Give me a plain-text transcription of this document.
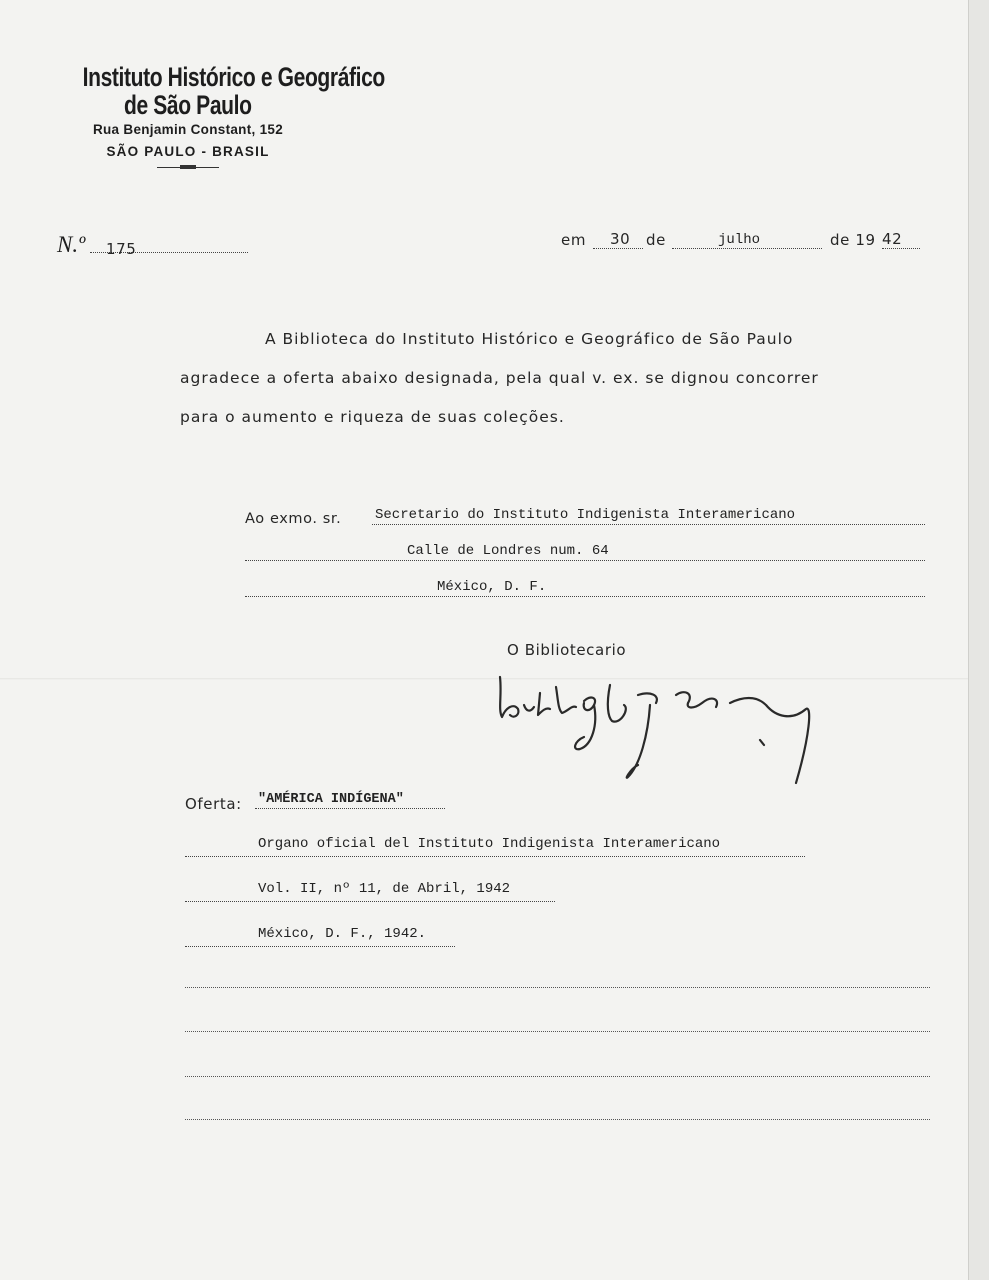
Instituto Histórico e Geográfico
de São Paulo
Rua Benjamin Constant, 152
SÃO PAULO - BRASIL
N.º 175	em 30 de	julho	de 19 42
A Biblioteca do Instituto Histórico e Geográfico de São Paulo
agradece a oferta abaixo designada, pela qual v. ex. se dignou concorrer
para o aumento e riqueza de suas coleções.
Ao exmo. sr. Secretario do Instituto Indigenista Interamericano
Calle de Londres num. 64
México, D. F.
O Bibliotecario
Oferta: "AMÉRICA INDÍGENA"
Organo oficial del Instituto Indigenista Interamericano
Vol. II, nº 11, de Abril, 1942
México, D. F., 1942.
